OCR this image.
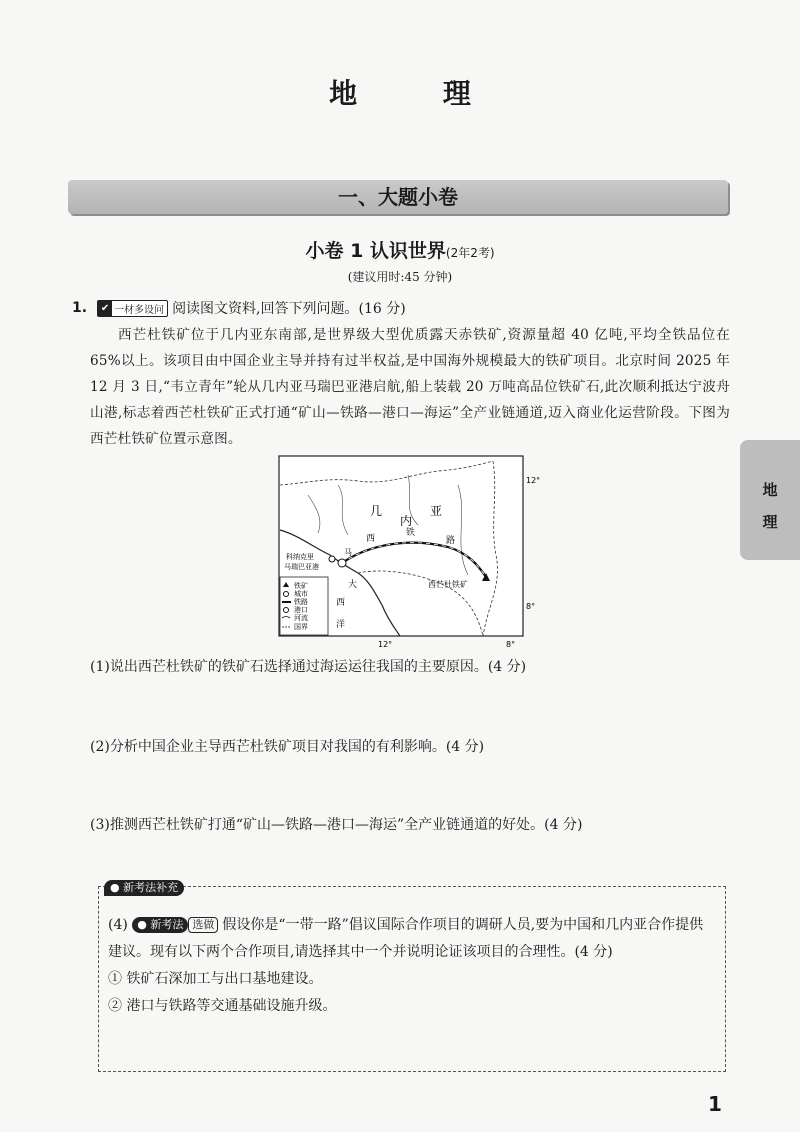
地 理
一、大题小卷
小卷 1 认识世界(2年2考)
(建议用时:45 分钟)
1. ✔ 一材多设问 阅读图文资料,回答下列问题。(16 分)
西芒杜铁矿位于几内亚东南部,是世界级大型优质露天赤铁矿,资源量超 40 亿吨,平均全铁品位在 65%以上。该项目由中国企业主导并持有过半权益,是中国海外规模最大的铁矿项目。北京时间 2025 年 12 月 3 日,“韦立青年”轮从几内亚马瑞巴亚港启航,船上装载 20 万吨高品位铁矿石,此次顺利抵达宁波舟山港,标志着西芒杜铁矿正式打通“矿山—铁路—港口—海运”全产业链通道,迈入商业化运营阶段。下图为西芒杜铁矿位置示意图。
铁矿
城市
铁路
港口
河流
国界
几
内
亚
西
铁
路
西芒杜铁矿
科纳克里
马瑞巴亚港
马
大
西
洋
12°
8°
12°	8°
地
理
(1)说出西芒杜铁矿的铁矿石选择通过海运运往我国的主要原因。(4 分)
(2)分析中国企业主导西芒杜铁矿项目对我国的有利影响。(4 分)
(3)推测西芒杜铁矿打通“矿山—铁路—港口—海运”全产业链通道的好处。(4 分)
● 新考法补充
(4) ● 新考法 选做 假设你是“一带一路”倡议国际合作项目的调研人员,要为中国和几内亚合作提供建议。现有以下两个合作项目,请选择其中一个并说明论证该项目的合理性。(4 分)
① 铁矿石深加工与出口基地建设。
② 港口与铁路等交通基础设施升级。
1
